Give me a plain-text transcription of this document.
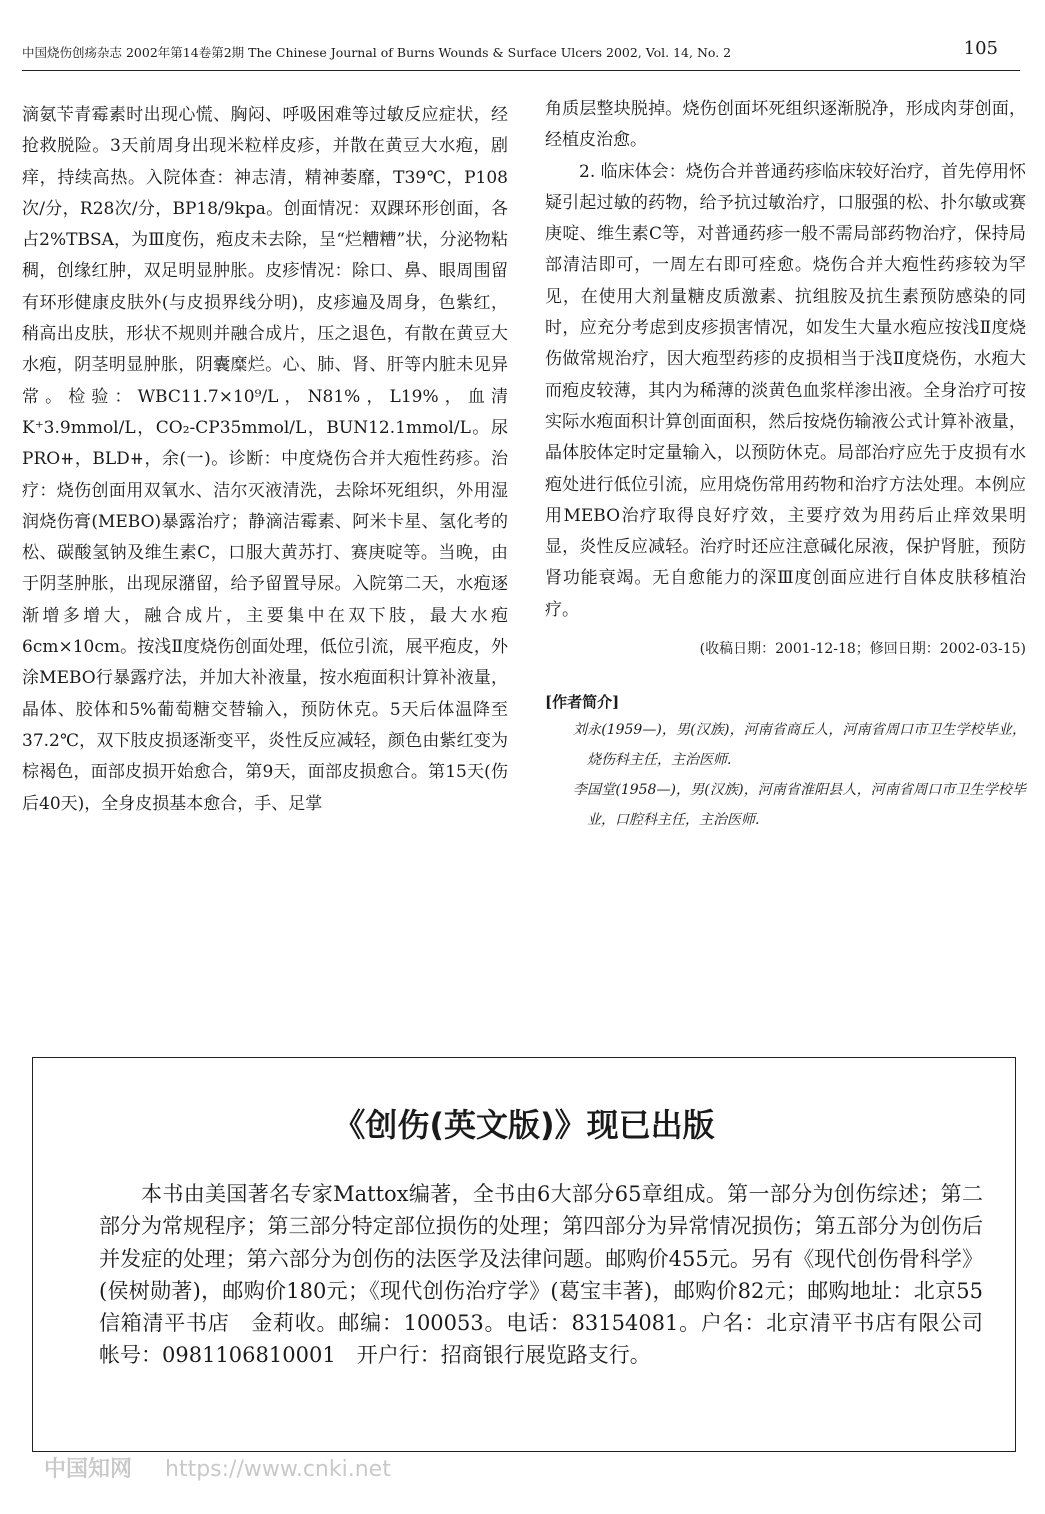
中国烧伤创疡杂志 2002年第14卷第2期 The Chinese Journal of Burns Wounds & Surface Ulcers 2002, Vol. 14, No. 2	105

滴氨苄青霉素时出现心慌、胸闷、呼吸困难等过敏反应症状，经抢救脱险。3天前周身出现米粒样皮疹，并散在黄豆大水疱，剧痒，持续高热。入院体查：神志清，精神萎靡，T39℃，P108次/分，R28次/分，BP18/9kpa。创面情况：双踝环形创面，各占2%TBSA，为Ⅲ度伤，疱皮未去除，呈“烂糟糟”状，分泌物粘稠，创缘红肿，双足明显肿胀。皮疹情况：除口、鼻、眼周围留有环形健康皮肤外(与皮损界线分明)，皮疹遍及周身，色紫红，稍高出皮肤，形状不规则并融合成片，压之退色，有散在黄豆大水疱，阴茎明显肿胀，阴囊糜烂。心、肺、肾、肝等内脏未见异常。检验：WBC11.7×10⁹/L，N81%，L19%，血清K⁺3.9mmol/L，CO₂-CP35mmol/L，BUN12.1mmol/L。尿PRO⧺，BLD⧺，余(一)。诊断：中度烧伤合并大疱性药疹。治疗：烧伤创面用双氧水、洁尔灭液清洗，去除坏死组织，外用湿润烧伤膏(MEBO)暴露治疗；静滴洁霉素、阿米卡星、氢化考的松、碳酸氢钠及维生素C，口服大黄苏打、赛庚啶等。当晚，由于阴茎肿胀，出现尿潴留，给予留置导尿。入院第二天，水疱逐渐增多增大，融合成片，主要集中在双下肢，最大水疱6cm×10cm。按浅Ⅱ度烧伤创面处理，低位引流，展平疱皮，外涂MEBO行暴露疗法，并加大补液量，按水疱面积计算补液量，晶体、胶体和5%葡萄糖交替输入，预防休克。5天后体温降至37.2℃，双下肢皮损逐渐变平，炎性反应减轻，颜色由紫红变为棕褐色，面部皮损开始愈合，第9天，面部皮损愈合。第15天(伤后40天)，全身皮损基本愈合，手、足掌

角质层整块脱掉。烧伤创面坏死组织逐渐脱净，形成肉芽创面，经植皮治愈。

2. 临床体会：烧伤合并普通药疹临床较好治疗，首先停用怀疑引起过敏的药物，给予抗过敏治疗，口服强的松、扑尔敏或赛庚啶、维生素C等，对普通药疹一般不需局部药物治疗，保持局部清洁即可，一周左右即可痊愈。烧伤合并大疱性药疹较为罕见，在使用大剂量糖皮质激素、抗组胺及抗生素预防感染的同时，应充分考虑到皮疹损害情况，如发生大量水疱应按浅Ⅱ度烧伤做常规治疗，因大疱型药疹的皮损相当于浅Ⅱ度烧伤，水疱大而疱皮较薄，其内为稀薄的淡黄色血浆样渗出液。全身治疗可按实际水疱面积计算创面面积，然后按烧伤输液公式计算补液量，晶体胶体定时定量输入，以预防休克。局部治疗应先于皮损有水疱处进行低位引流，应用烧伤常用药物和治疗方法处理。本例应用MEBO治疗取得良好疗效，主要疗效为用药后止痒效果明显，炎性反应减轻。治疗时还应注意碱化尿液，保护肾脏，预防肾功能衰竭。无自愈能力的深Ⅲ度创面应进行自体皮肤移植治疗。

(收稿日期：2001-12-18；修回日期：2002-03-15)

[作者简介]

刘永(1959—)，男(汉族)，河南省商丘人，河南省周口市卫生学校毕业，烧伤科主任，主治医师.

李国堂(1958—)，男(汉族)，河南省淮阳县人，河南省周口市卫生学校毕业，口腔科主任，主治医师.

《创伤(英文版)》现已出版
本书由美国著名专家Mattox编著，全书由6大部分65章组成。第一部分为创伤综述；第二部分为常规程序；第三部分特定部位损伤的处理；第四部分为异常情况损伤；第五部分为创伤后并发症的处理；第六部分为创伤的法医学及法律问题。邮购价455元。另有《现代创伤骨科学》(侯树勋著)，邮购价180元；《现代创伤治疗学》(葛宝丰著)，邮购价82元；邮购地址：北京55信箱清平书店　金莉收。邮编：100053。电话：83154081。户名：北京清平书店有限公司　帐号：0981106810001　开户行：招商银行展览路支行。
中国知网 https://www.cnki.net
